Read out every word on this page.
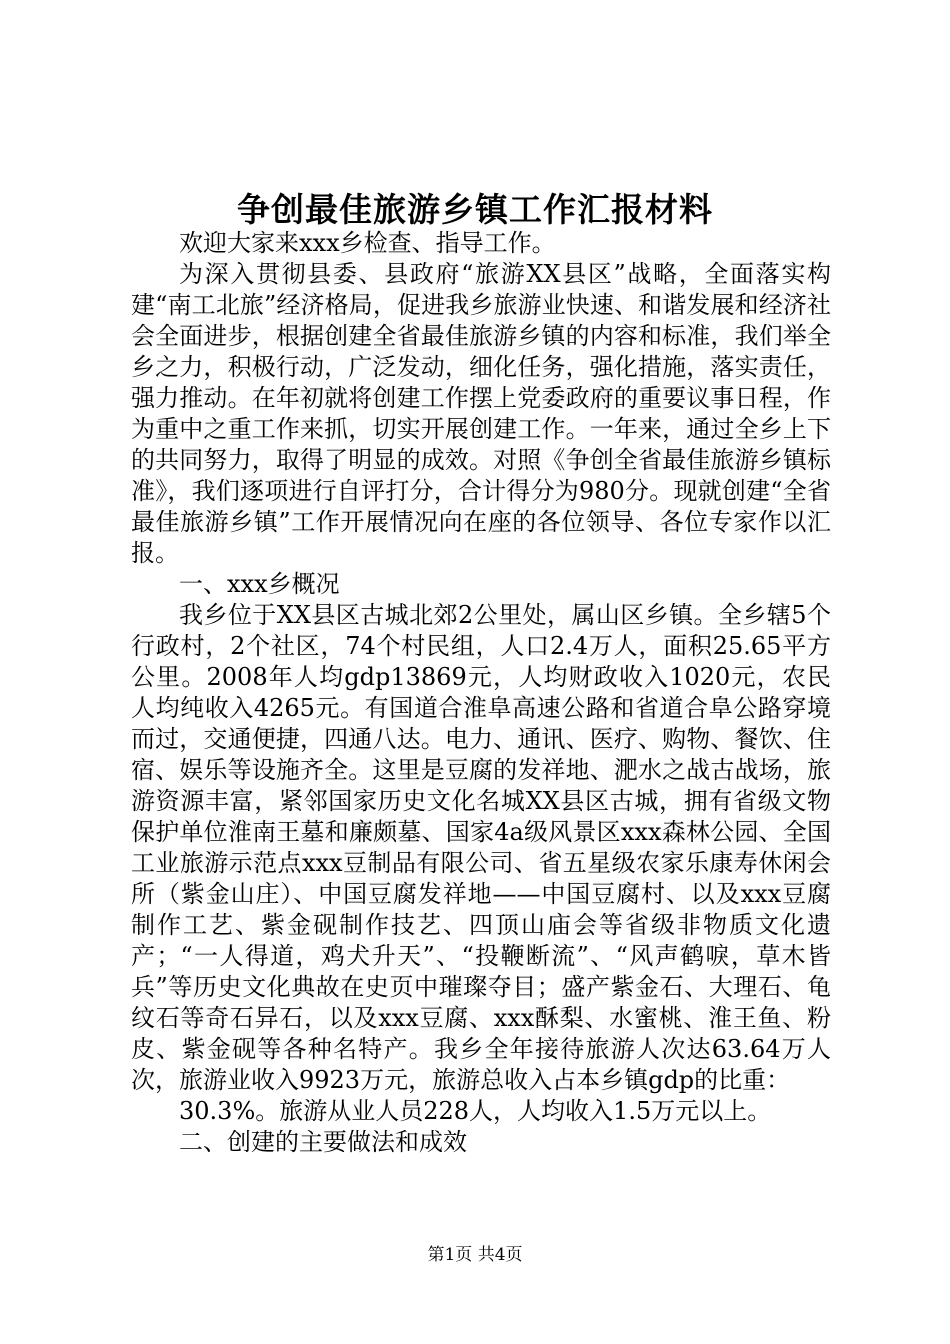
争创最佳旅游乡镇工作汇报材料

欢迎大家来xxx乡检查、指导工作。

为深入贯彻县委、县政府“旅游XX县区”战略，全面落实构建“南工北旅”经济格局，促进我乡旅游业快速、和谐发展和经济社会全面进步，根据创建全省最佳旅游乡镇的内容和标准，我们举全乡之力，积极行动，广泛发动，细化任务，强化措施，落实责任，强力推动。在年初就将创建工作摆上党委政府的重要议事日程，作为重中之重工作来抓，切实开展创建工作。一年来，通过全乡上下的共同努力，取得了明显的成效。对照《争创全省最佳旅游乡镇标准》，我们逐项进行自评打分，合计得分为980分。现就创建“全省最佳旅游乡镇”工作开展情况向在座的各位领导、各位专家作以汇报。

一、xxx乡概况

我乡位于XX县区古城北郊2公里处，属山区乡镇。全乡辖5个行政村，2个社区，74个村民组，人口2.4万人，面积25.65平方公里。2008年人均gdp13869元，人均财政收入1020元，农民人均纯收入4265元。有国道合淮阜高速公路和省道合阜公路穿境而过，交通便捷，四通八达。电力、通讯、医疗、购物、餐饮、住宿、娱乐等设施齐全。这里是豆腐的发祥地、淝水之战古战场，旅游资源丰富，紧邻国家历史文化名城XX县区古城，拥有省级文物保护单位淮南王墓和廉颇墓、国家4a级风景区xxx森林公园、全国工业旅游示范点xxx豆制品有限公司、省五星级农家乐康寿休闲会所（紫金山庄）、中国豆腐发祥地——中国豆腐村、以及xxx豆腐制作工艺、紫金砚制作技艺、四顶山庙会等省级非物质文化遗产；“一人得道，鸡犬升天”、“投鞭断流”、“风声鹤唳，草木皆兵”等历史文化典故在史页中璀璨夺目；盛产紫金石、大理石、龟纹石等奇石异石，以及xxx豆腐、xxx酥梨、水蜜桃、淮王鱼、粉皮、紫金砚等各种名特产。我乡全年接待旅游人次达63.64万人次，旅游业收入9923万元，旅游总收入占本乡镇gdp的比重：

30.3%。旅游从业人员228人，人均收入1.5万元以上。

二、创建的主要做法和成效

第1页 共4页
